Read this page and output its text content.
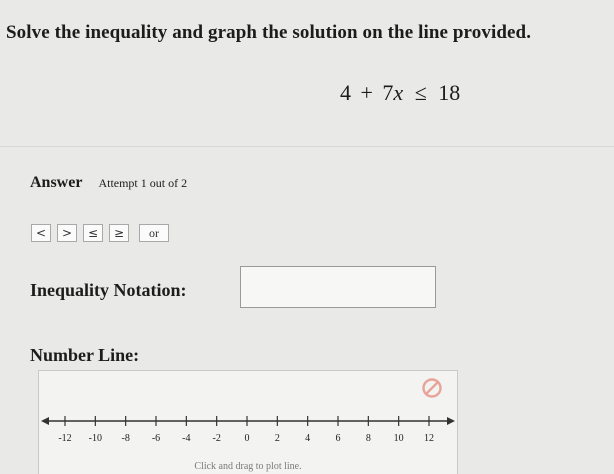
Solve the inequality and graph the solution on the line provided.
4 + 7x ≤ 18
Answer Attempt 1 out of 2
<	>	≤	≥	or
Inequality Notation:
Number Line:
-12 -10 -8 -6 -4 -2 0	2	4	6	8 10 12
Click and drag to plot line.
